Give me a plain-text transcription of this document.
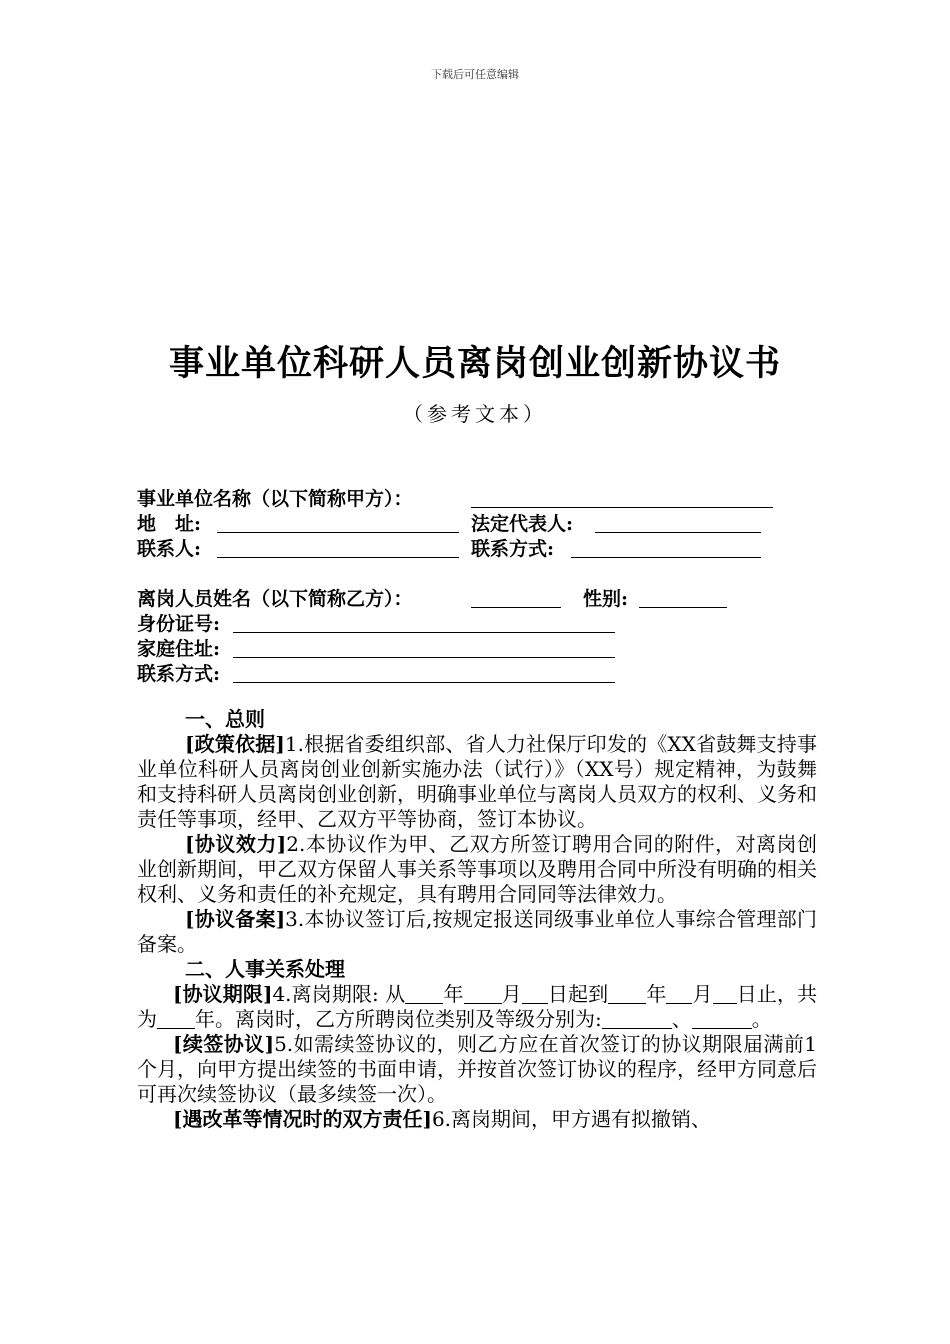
下载后可任意编辑
事业单位科研人员离岗创业创新协议书
（参考文本）
事业单位名称（以下简称甲方）：
地　址:	法定代表人:
联系人:	联系方式:
离岗人员姓名（以下简称乙方）：	性别:
身份证号:
家庭住址:
联系方式:

一、总则

[政策依据]1.根据省委组织部、省人力社保厅印发的《XX省鼓舞支持事业单位科研人员离岗创业创新实施办法（试行）》（XX号）规定精神，为鼓舞和支持科研人员离岗创业创新，明确事业单位与离岗人员双方的权利、义务和责任等事项，经甲、乙双方平等协商，签订本协议。

[协议效力]2.本协议作为甲、乙双方所签订聘用合同的附件，对离岗创业创新期间，甲乙双方保留人事关系等事项以及聘用合同中所没有明确的相关权利、义务和责任的补充规定，具有聘用合同同等法律效力。

[协议备案]3.本协议签订后,按规定报送同级事业单位人事综合管理部门备案。

二、人事关系处理

[协议期限]4.离岗期限: 从 年 月 日起到 年 月 日止，共为 年。离岗时，乙方所聘岗位类别及等级分别为:	、	。

[续签协议]5.如需续签协议的，则乙方应在首次签订的协议期限届满前1个月，向甲方提出续签的书面申请，并按首次签订协议的程序，经甲方同意后可再次续签协议（最多续签一次）。

[遇改革等情况时的双方责任]6.离岗期间，甲方遇有拟撤销、
